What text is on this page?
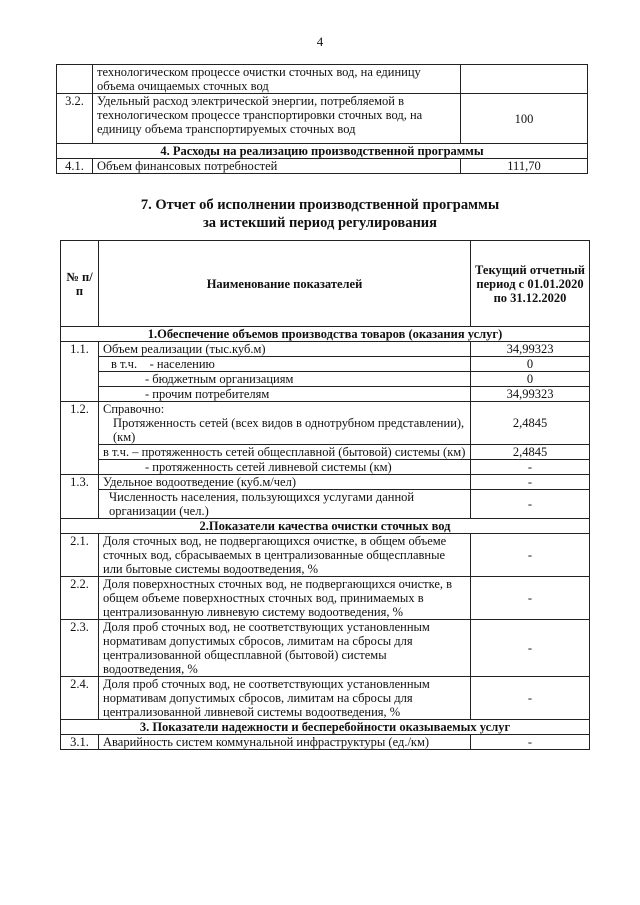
4
	технологическом процессе очистки сточных вод, на единицу объема очищаемых сточных вод	
3.2.	Удельный расход электрической энергии, потребляемой в технологическом процессе транспортировки сточных вод, на единицу объема транспортируемых сточных вод	100
4. Расходы на реализацию производственной программы		
4.1.	Объем финансовых потребностей	111,70
7. Отчет об исполнении производственной программы
за истекший период регулирования
№ п/п	Наименование показателей	Текущий отчетный период с 01.01.2020 по 31.12.2020
1.Обеспечение объемов производства товаров (оказания услуг)		
1.1.	Объем реализации (тыс.куб.м)	34,99323
	в т.ч. - населению	0
	- бюджетным организациям	0
	- прочим потребителям	34,99323
1.2.	Справочно:
Протяженность сетей (всех видов в однотрубном представлении), (км)	2,4845
	в т.ч. – протяженность сетей общесплавной (бытовой) системы (км)	2,4845
	- протяженность сетей ливневой системы (км)	-
1.3.	Удельное водоотведение (куб.м/чел)	-
	Численность населения, пользующихся услугами данной организации (чел.)	-
2.Показатели качества очистки сточных вод		
2.1.	Доля сточных вод, не подвергающихся очистке, в общем объеме сточных вод, сбрасываемых в централизованные общесплавные или бытовые системы водоотведения, %	-
2.2.	Доля поверхностных сточных вод, не подвергающихся очистке, в общем объеме поверхностных сточных вод, принимаемых в централизованную ливневую систему водоотведения, %	-
2.3.	Доля проб сточных вод, не соответствующих установленным нормативам допустимых сбросов, лимитам на сбросы для централизованной общесплавной (бытовой) системы водоотведения, %	-
2.4.	Доля проб сточных вод, не соответствующих установленным нормативам допустимых сбросов, лимитам на сбросы для централизованной ливневой системы водоотведения, %	-
3. Показатели надежности и бесперебойности оказываемых услуг		
3.1.	Аварийность систем коммунальной инфраструктуры (ед./км)	-
